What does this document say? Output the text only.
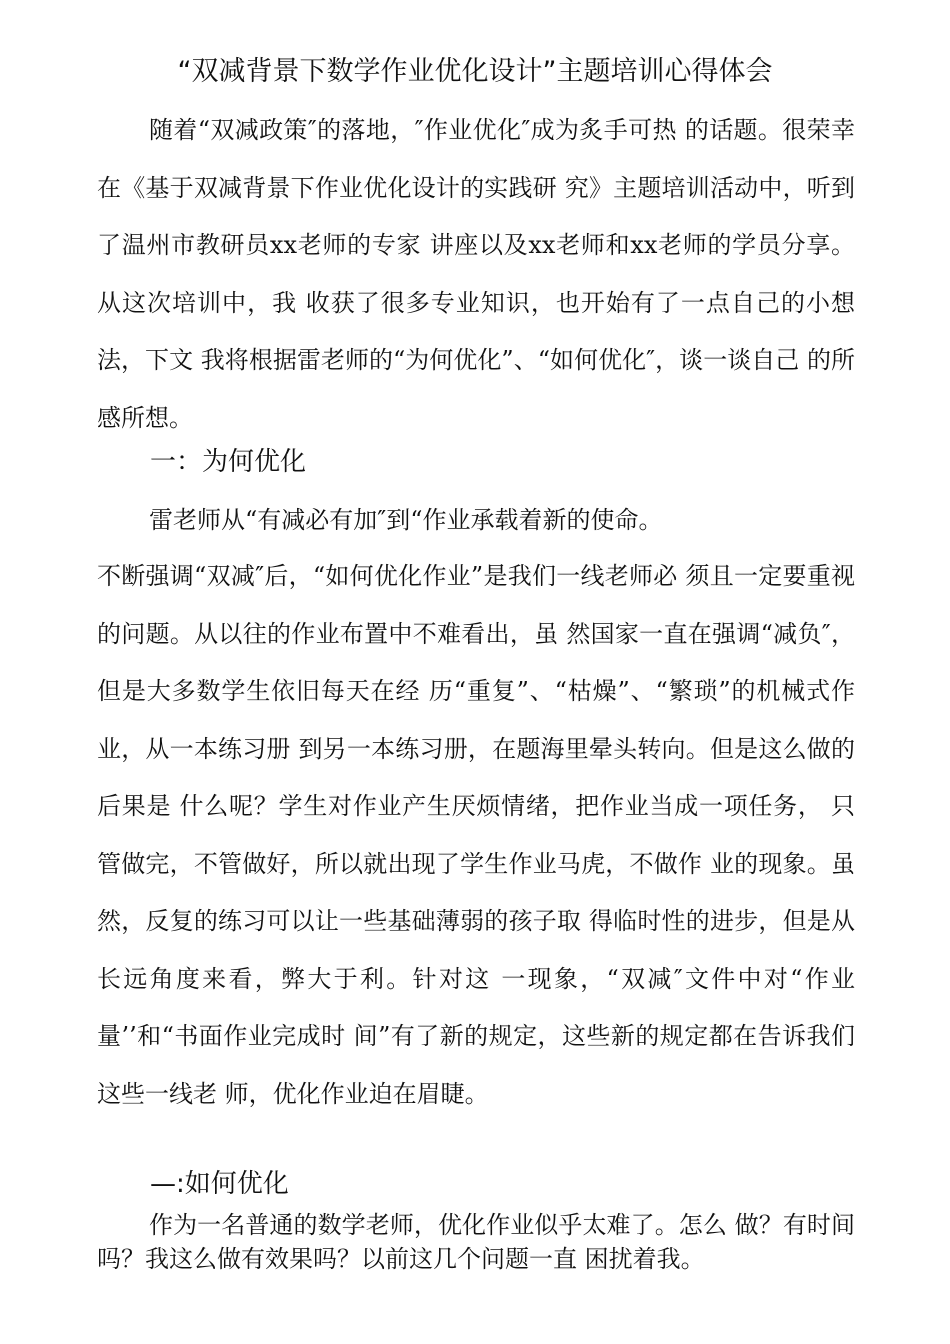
“双减背景下数学作业优化设计”主题培训心得体会

随着“双减政策″的落地，″作业优化″成为炙手可热 的话题。很荣幸在《基于双减背景下作业优化设计的实践研 究》主题培训活动中，听到了温州市教研员xx老师的专家 讲座以及xx老师和xx老师的学员分享。从这次培训中，我 收获了很多专业知识，也开始有了一点自己的小想法，下文 我将根据雷老师的“为何优化”、“如何优化″，谈一谈自己 的所感所想。

一：为何优化

雷老师从“有减必有加″到“作业承载着新的使命。

不断强调“双减″后，“如何优化作业”是我们一线老师必 须且一定要重视的问题。从以往的作业布置中不难看出，虽 然国家一直在强调“减负″，但是大多数学生依旧每天在经 历“重复”、“枯燥”、“繁琐”的机械式作业，从一本练习册 到另一本练习册，在题海里晕头转向。但是这么做的后果是 什么呢？学生对作业产生厌烦情绪，把作业当成一项任务， 只管做完，不管做好，所以就出现了学生作业马虎，不做作 业的现象。虽然，反复的练习可以让一些基础薄弱的孩子取 得临时性的进步，但是从长远角度来看，弊大于利。针对这 一现象，“双减″文件中对“作业量’’和“书面作业完成时 间”有了新的规定，这些新的规定都在告诉我们这些一线老 师，优化作业迫在眉睫。

—:如何优化

作为一名普通的数学老师，优化作业似乎太难了。怎么 做？有时间吗？我这么做有效果吗？以前这几个问题一直 困扰着我。
